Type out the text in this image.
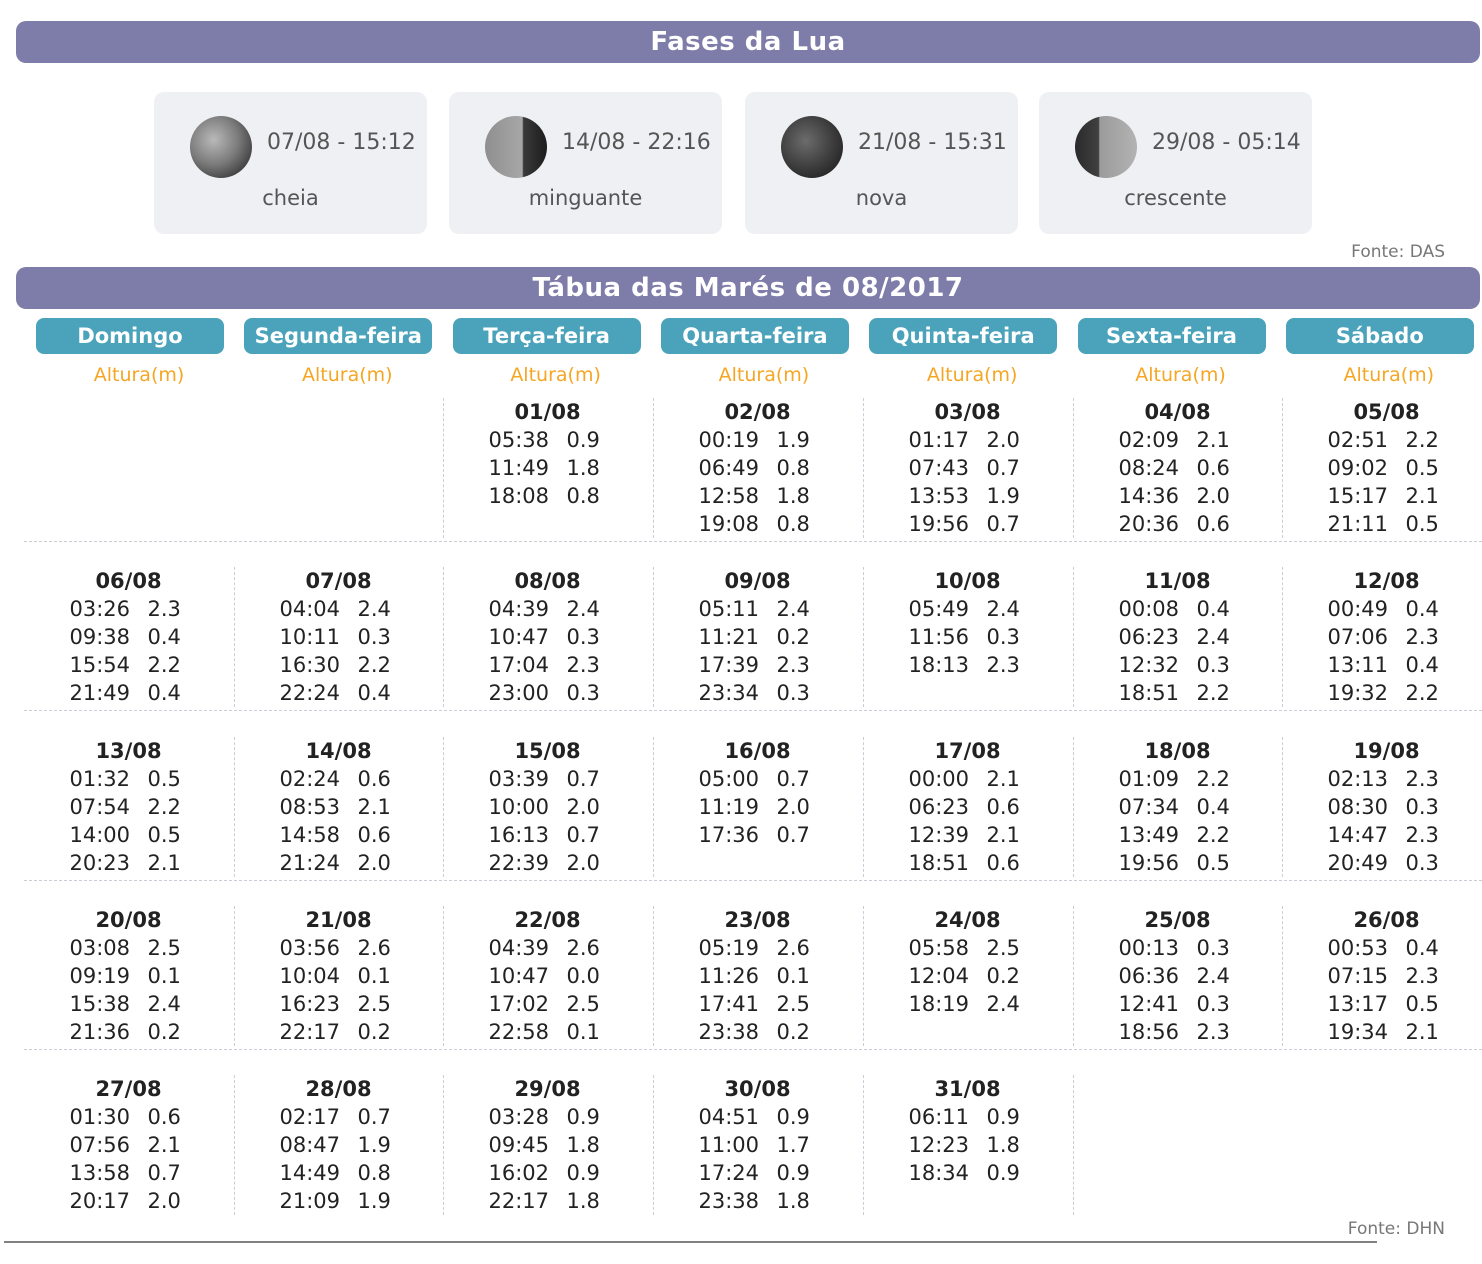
Fases da Lua
07/08 - 15:12
cheia
14/08 - 22:16
minguante
21/08 - 15:31
nova
29/08 - 05:14
crescente
Fonte: DAS
Tábua das Marés de 08/2017
Domingo
Altura(m)
Segunda-feira
Altura(m)
Terça-feira
Altura(m)
Quarta-feira
Altura(m)
Quinta-feira
Altura(m)
Sexta-feira
Altura(m)
Sábado
Altura(m)
01/08
05:38 0.9
11:49 1.8
18:08 0.8
02/08
00:19 1.9
06:49 0.8
12:58 1.8
19:08 0.8
03/08
01:17 2.0
07:43 0.7
13:53 1.9
19:56 0.7
04/08
02:09 2.1
08:24 0.6
14:36 2.0
20:36 0.6
05/08
02:51 2.2
09:02 0.5
15:17 2.1
21:11 0.5
06/08
03:26 2.3
09:38 0.4
15:54 2.2
21:49 0.4
07/08
04:04 2.4
10:11 0.3
16:30 2.2
22:24 0.4
08/08
04:39 2.4
10:47 0.3
17:04 2.3
23:00 0.3
09/08
05:11 2.4
11:21 0.2
17:39 2.3
23:34 0.3
10/08
05:49 2.4
11:56 0.3
18:13 2.3
11/08
00:08 0.4
06:23 2.4
12:32 0.3
18:51 2.2
12/08
00:49 0.4
07:06 2.3
13:11 0.4
19:32 2.2
13/08
01:32 0.5
07:54 2.2
14:00 0.5
20:23 2.1
14/08
02:24 0.6
08:53 2.1
14:58 0.6
21:24 2.0
15/08
03:39 0.7
10:00 2.0
16:13 0.7
22:39 2.0
16/08
05:00 0.7
11:19 2.0
17:36 0.7
17/08
00:00 2.1
06:23 0.6
12:39 2.1
18:51 0.6
18/08
01:09 2.2
07:34 0.4
13:49 2.2
19:56 0.5
19/08
02:13 2.3
08:30 0.3
14:47 2.3
20:49 0.3
20/08
03:08 2.5
09:19 0.1
15:38 2.4
21:36 0.2
21/08
03:56 2.6
10:04 0.1
16:23 2.5
22:17 0.2
22/08
04:39 2.6
10:47 0.0
17:02 2.5
22:58 0.1
23/08
05:19 2.6
11:26 0.1
17:41 2.5
23:38 0.2
24/08
05:58 2.5
12:04 0.2
18:19 2.4
25/08
00:13 0.3
06:36 2.4
12:41 0.3
18:56 2.3
26/08
00:53 0.4
07:15 2.3
13:17 0.5
19:34 2.1
27/08
01:30 0.6
07:56 2.1
13:58 0.7
20:17 2.0
28/08
02:17 0.7
08:47 1.9
14:49 0.8
21:09 1.9
29/08
03:28 0.9
09:45 1.8
16:02 0.9
22:17 1.8
30/08
04:51 0.9
11:00 1.7
17:24 0.9
23:38 1.8
31/08
06:11 0.9
12:23 1.8
18:34 0.9
Fonte: DHN
